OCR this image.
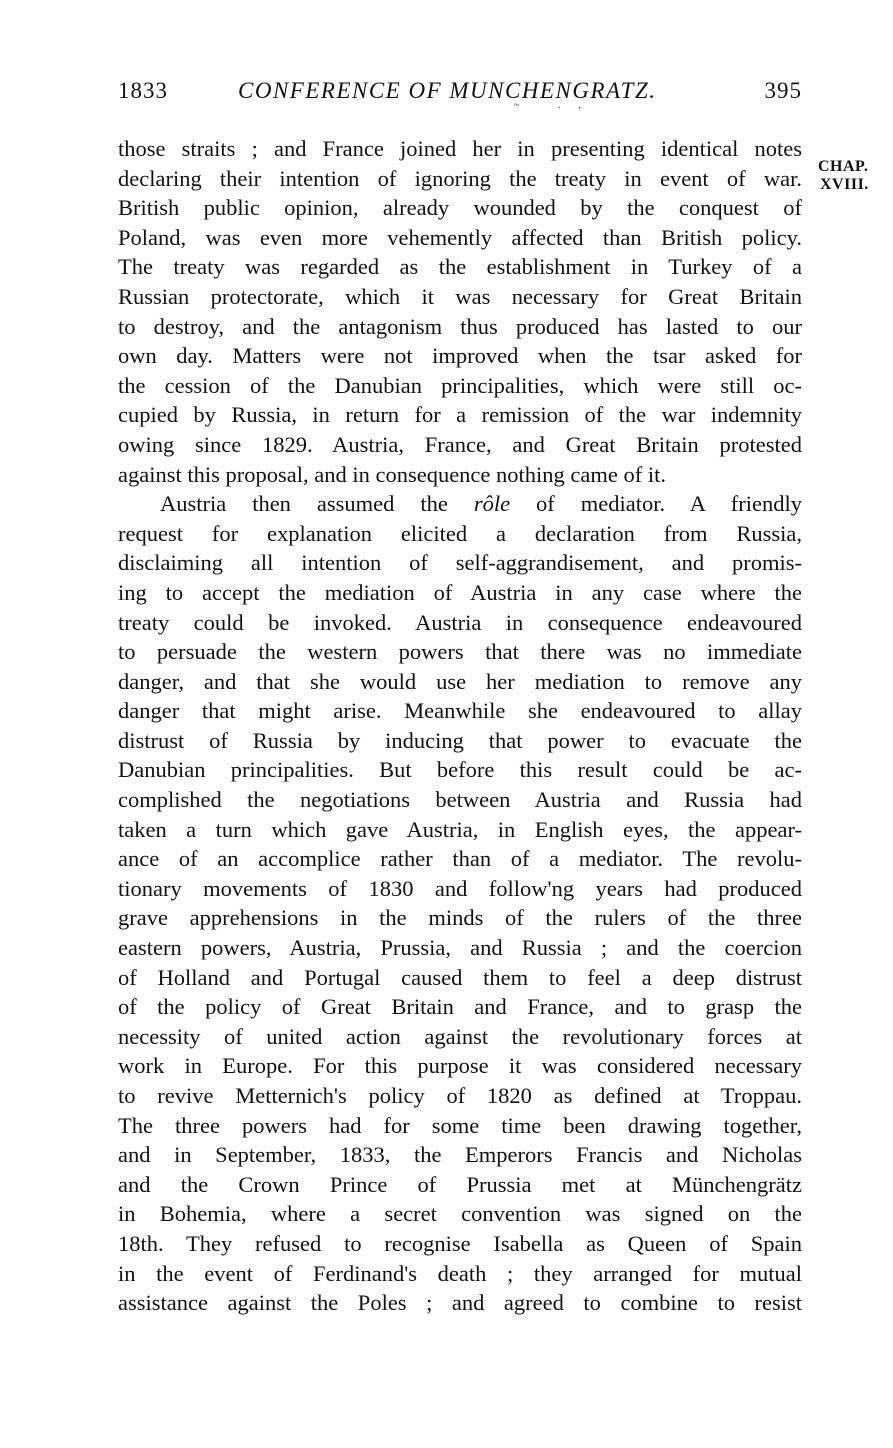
1833	CONFERENCE OF MUNCHENGRATZ.	395
~ .,
CHAP.
XVIII.
those straits ; and France joined her in presenting identical notes
declaring their intention of ignoring the treaty in event of war.
British public opinion, already wounded by the conquest of
Poland, was even more vehemently affected than British policy.
The treaty was regarded as the establishment in Turkey of a
Russian protectorate, which it was necessary for Great Britain
to destroy, and the antagonism thus produced has lasted to our
own day. Matters were not improved when the tsar asked for
the cession of the Danubian principalities, which were still oc-
cupied by Russia, in return for a remission of the war indemnity
owing since 1829. Austria, France, and Great Britain protested
against this proposal, and in consequence nothing came of it.
Austria then assumed the rôle of mediator. A friendly
request for explanation elicited a declaration from Russia,
disclaiming all intention of self-aggrandisement, and promis-
ing to accept the mediation of Austria in any case where the
treaty could be invoked. Austria in consequence endeavoured
to persuade the western powers that there was no immediate
danger, and that she would use her mediation to remove any
danger that might arise. Meanwhile she endeavoured to allay
distrust of Russia by inducing that power to evacuate the
Danubian principalities. But before this result could be ac-
complished the negotiations between Austria and Russia had
taken a turn which gave Austria, in English eyes, the appear-
ance of an accomplice rather than of a mediator. The revolu-
tionary movements of 1830 and follow'ng years had produced
grave apprehensions in the minds of the rulers of the three
eastern powers, Austria, Prussia, and Russia ; and the coercion
of Holland and Portugal caused them to feel a deep distrust
of the policy of Great Britain and France, and to grasp the
necessity of united action against the revolutionary forces at
work in Europe. For this purpose it was considered necessary
to revive Metternich's policy of 1820 as defined at Troppau.
The three powers had for some time been drawing together,
and in September, 1833, the Emperors Francis and Nicholas
and the Crown Prince of Prussia met at Münchengrätz
in Bohemia, where a secret convention was signed on the
18th. They refused to recognise Isabella as Queen of Spain
in the event of Ferdinand's death ; they arranged for mutual
assistance against the Poles ; and agreed to combine to resist
